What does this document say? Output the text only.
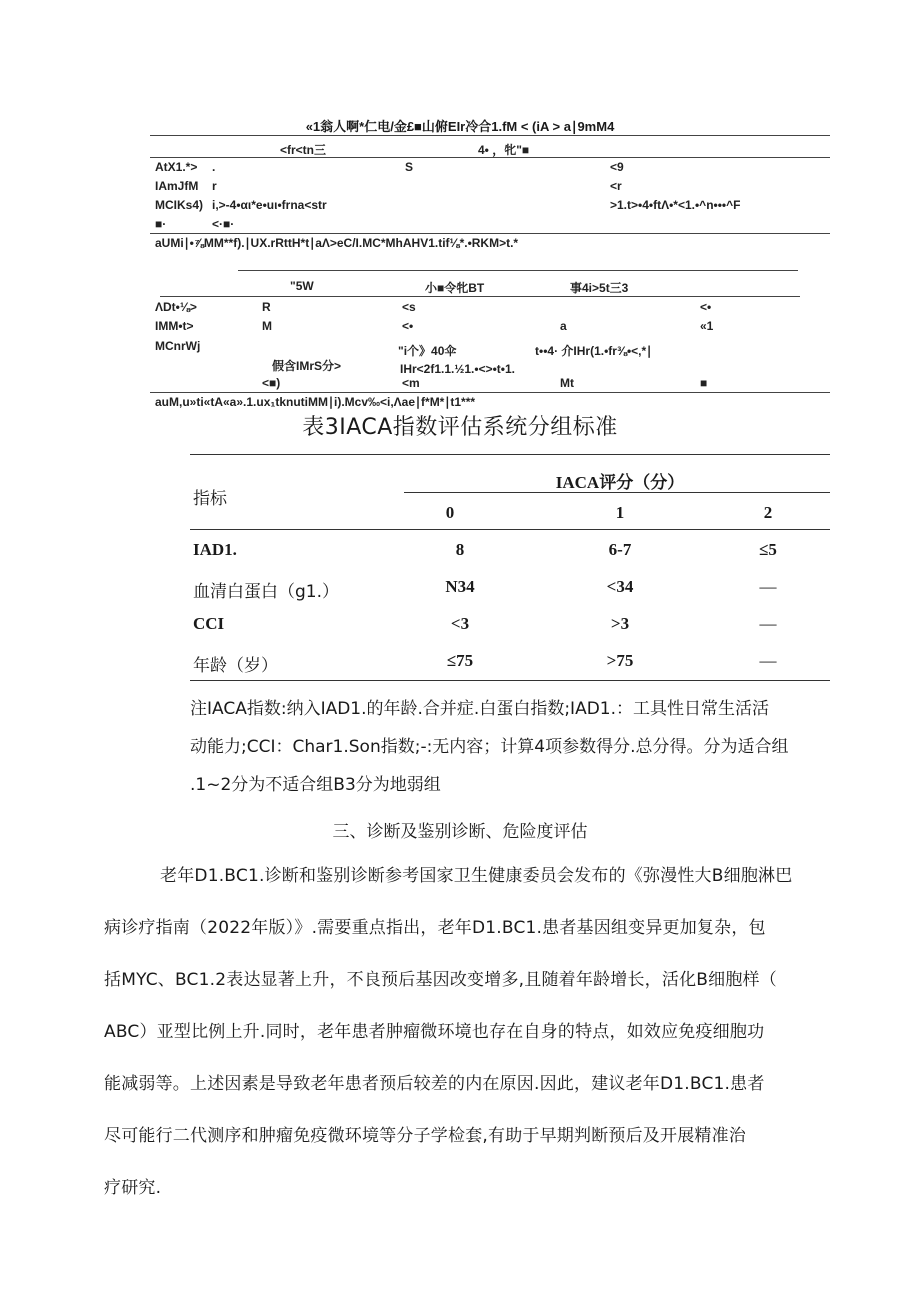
«1翁人啊*仁电/金£■山俯EIr冷合1.fM < (iA > a∣9mM4
<fr<tn三	4• ，牝"■
AtX1.*> .	S	<9
IAmJfM r	<r
MCIKs4) i,>-4•αι*e•uι•frna<str	>1.t>•4•ftΛ•*<1.•^n•••^F
■·	<·■·
aUMi∣•⅞MM**f).∣UX.rRttH*t∣aΛ>eC/I.MC*MhAHV1.tif⅛*.•RKM>t.*
"5W	小■令牝BT	事4i>5t三3
ΛDt•⅛>	R	<s	<•
IMM•t>	M	<•	a	«1
MCnrWj	"i个》40伞	t••4· 介IHr(1.•fr⅜•<,*∣
假含IMrS分>	IHr<2f1.1.½1.•<>•t•1.
<■)	<m	Mt	■
auM,u»ti«tA«a».1.ux₁tknutiMM∣i).Mcv‰<i,Λae∣f*M*∣t1***
表3IACA指数评估系统分组标准
指标
IACA评分（分）
0	1	2
IAD1.	8	6-7	≤5
血清白蛋白（g1.）	N34	<34	—
CCI	<3	>3	—
年龄（岁）	≤75	>75	—
注IACA指数:纳入IAD1.的年龄.合并症.白蛋白指数;IAD1.：工具性日常生活活
动能力;CCI：Char1.Son指数;-:无内容；计算4项参数得分.总分得。分为适合组
.1~2分为不适合组B3分为地弱组
三、诊断及鉴别诊断、危险度评估
老年D1.BC1.诊断和鉴别诊断参考国家卫生健康委员会发布的《弥漫性大B细胞淋巴
病诊疗指南（2022年版）》.需要重点指出，老年D1.BC1.患者基因组变异更加复杂，包
括MYC、BC1.2表达显著上升，不良预后基因改变增多,且随着年龄增长，活化B细胞样（
ABC）亚型比例上升.同时，老年患者肿瘤微环境也存在自身的特点，如效应免疫细胞功
能减弱等。上述因素是导致老年患者预后较差的内在原因.因此，建议老年D1.BC1.患者
尽可能行二代测序和肿瘤免疫微环境等分子学检套,有助于早期判断预后及开展精准治
疗研究.
